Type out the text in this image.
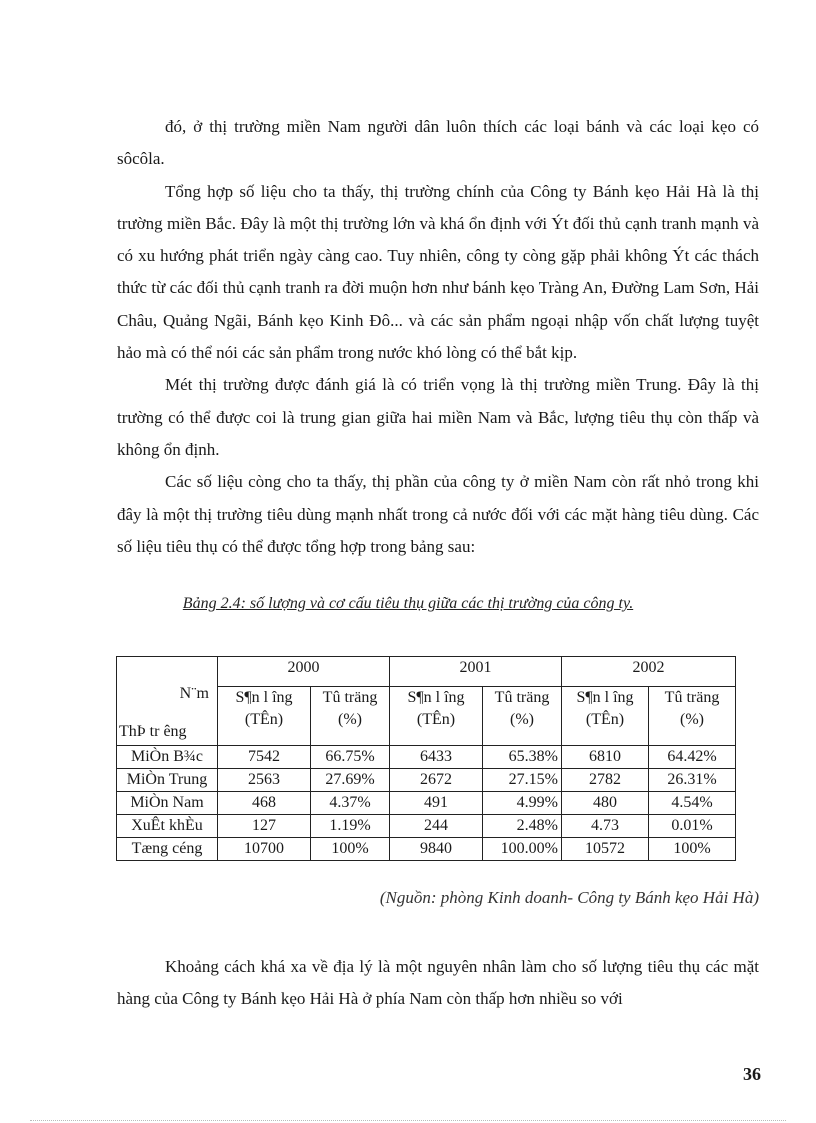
đó, ở thị trường miền Nam người dân luôn thích các loại bánh và các loại kẹo có sôcôla.

Tổng hợp số liệu cho ta thấy, thị trường chính của Công ty Bánh kẹo Hải Hà là thị trường miền Bắc. Đây là một thị trường lớn và khá ổn định với Ýt đối thủ cạnh tranh mạnh và có xu hướng phát triển ngày càng cao. Tuy nhiên, công ty còng gặp phải không Ýt các thách thức từ các đối thủ cạnh tranh ra đời muộn hơn như bánh kẹo Tràng An, Đường Lam Sơn, Hải Châu, Quảng Ngãi, Bánh kẹo Kinh Đô... và các sản phẩm ngoại nhập vốn chất lượng tuyệt hảo mà có thể nói các sản phẩm trong nước khó lòng có thể bắt kịp.

Mét thị trường được đánh giá là có triển vọng là thị trường miền Trung. Đây là thị trường có thể được coi là trung gian giữa hai miền Nam và Bắc, lượng tiêu thụ còn thấp và không ổn định.

Các số liệu còng cho ta thấy, thị phần của công ty ở miền Nam còn rất nhỏ trong khi đây là một thị trường tiêu dùng mạnh nhất trong cả nước đối với các mặt hàng tiêu dùng. Các số liệu tiêu thụ có thể được tổng hợp trong bảng sau:

Bảng 2.4: số lượng và cơ cấu tiêu thụ giữa các thị trường của công ty.
N¨m
ThÞ tr êng	2000		2001		2002	
	S¶n l îng (TÊn)	Tû träng (%)	S¶n l îng (TÊn)	Tû träng (%)	S¶n l îng (TÊn)	Tû träng (%)
MiÒn B¾c	7542	66.75%	6433	65.38%	6810	64.42%
MiÒn Trung	2563	27.69%	2672	27.15%	2782	26.31%
MiÒn Nam	468	4.37%	491	4.99%	480	4.54%
XuÊt khÈu	127	1.19%	244	2.48%	4.73	0.01%
Tæng céng	10700	100%	9840	100.00%	10572	100%
(Nguồn: phòng Kinh doanh- Công ty Bánh kẹo Hải Hà)

Khoảng cách khá xa về địa lý là một nguyên nhân làm cho số lượng tiêu thụ các mặt hàng của Công ty Bánh kẹo Hải Hà ở phía Nam còn thấp hơn nhiều so với

36
